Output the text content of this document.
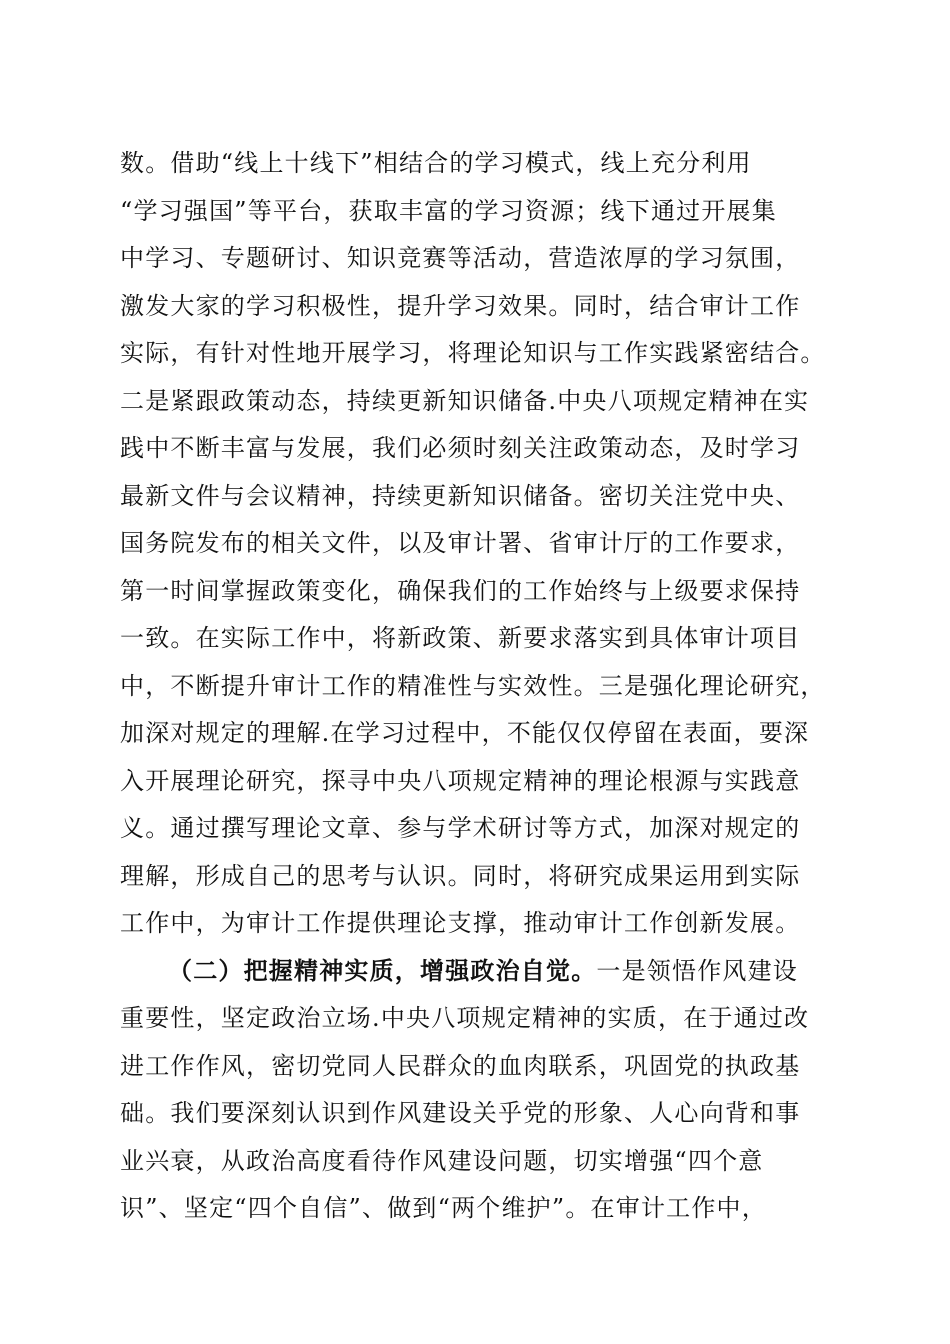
数。借助“线上十线下”相结合的学习模式，线上充分利用
“学习强国”等平台，获取丰富的学习资源；线下通过开展集
中学习、专题研讨、知识竞赛等活动，营造浓厚的学习氛围，
激发大家的学习积极性，提升学习效果。同时，结合审计工作
实际，有针对性地开展学习，将理论知识与工作实践紧密结合。
二是紧跟政策动态，持续更新知识储备.中央八项规定精神在实
践中不断丰富与发展，我们必须时刻关注政策动态，及时学习
最新文件与会议精神，持续更新知识储备。密切关注党中央、
国务院发布的相关文件，以及审计署、省审计厅的工作要求，
第一时间掌握政策变化，确保我们的工作始终与上级要求保持
一致。在实际工作中，将新政策、新要求落实到具体审计项目
中，不断提升审计工作的精准性与实效性。三是强化理论研究，
加深对规定的理解.在学习过程中，不能仅仅停留在表面，要深
入开展理论研究，探寻中央八项规定精神的理论根源与实践意
义。通过撰写理论文章、参与学术研讨等方式，加深对规定的
理解，形成自己的思考与认识。同时，将研究成果运用到实际
工作中，为审计工作提供理论支撑，推动审计工作创新发展。
（二）把握精神实质，增强政治自觉。一是领悟作风建设
重要性，坚定政治立场.中央八项规定精神的实质，在于通过改
进工作作风，密切党同人民群众的血肉联系，巩固党的执政基
础。我们要深刻认识到作风建设关乎党的形象、人心向背和事
业兴衰，从政治高度看待作风建设问题，切实增强“四个意
识”、坚定“四个自信”、做到“两个维护”。在审计工作中，
